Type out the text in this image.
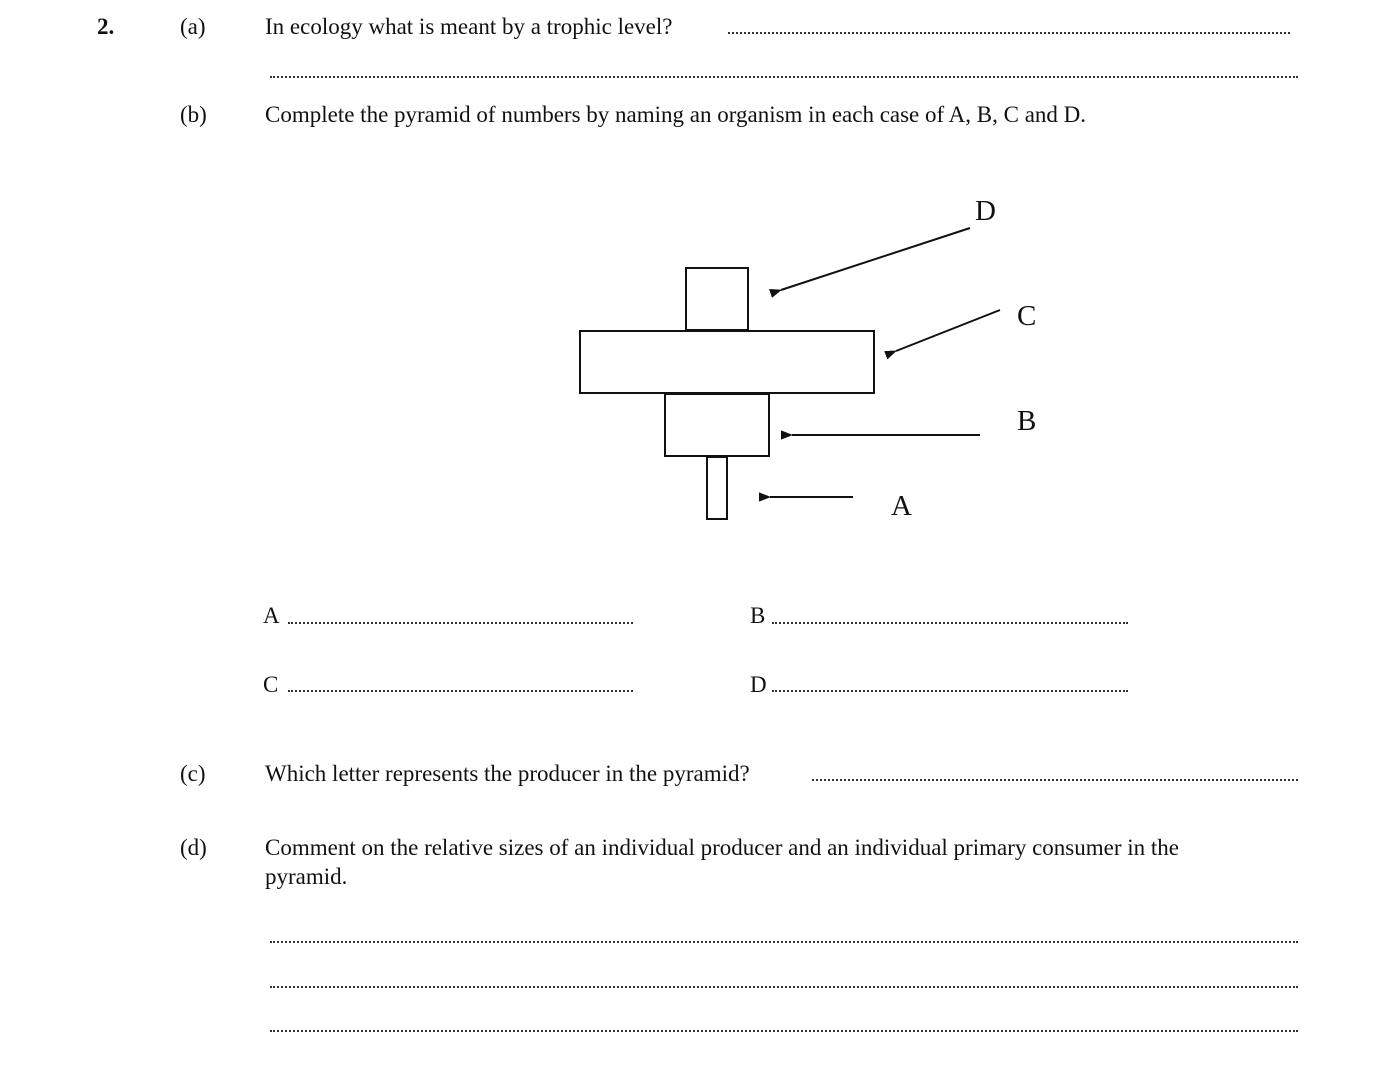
2.	(a)	In ecology what is meant by a trophic level?
(b)	Complete the pyramid of numbers by naming an organism in each case of A, B, C and D.
D
C
B
A
A	B
C	D
(c)	Which letter represents the producer in the pyramid?
(d)	Comment on the relative sizes of an individual producer and an individual primary consumer in the
pyramid.
